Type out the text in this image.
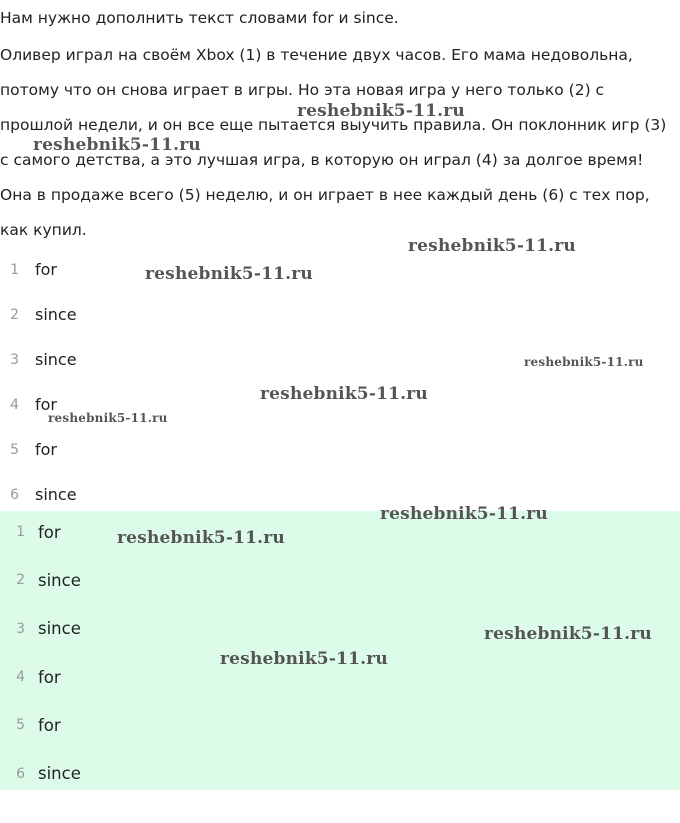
Нам нужно дополнить текст словами for и since.

Оливер играл на своём Xbox (1) в течение двух часов. Его мама недовольна, потому что он снова играет в игры. Но эта новая игра у него только (2) с прошлой недели, и он все еще пытается выучить правила. Он поклонник игр (3) с самого детства, а это лучшая игра, в которую он играл (4) за долгое время! Она в продаже всего (5) неделю, и он играет в нее каждый день (6) с тех пор, как купил.

1 for
2 since
3 since
4 for
5 for
6 since
1 for
2 since
3 since
4 for
5 for
6 since
reshebnik5-11.ru
reshebnik5-11.ru
reshebnik5-11.ru
reshebnik5-11.ru
reshebnik5-11.ru
reshebnik5-11.ru
reshebnik5-11.ru
reshebnik5-11.ru
reshebnik5-11.ru
reshebnik5-11.ru
reshebnik5-11.ru
